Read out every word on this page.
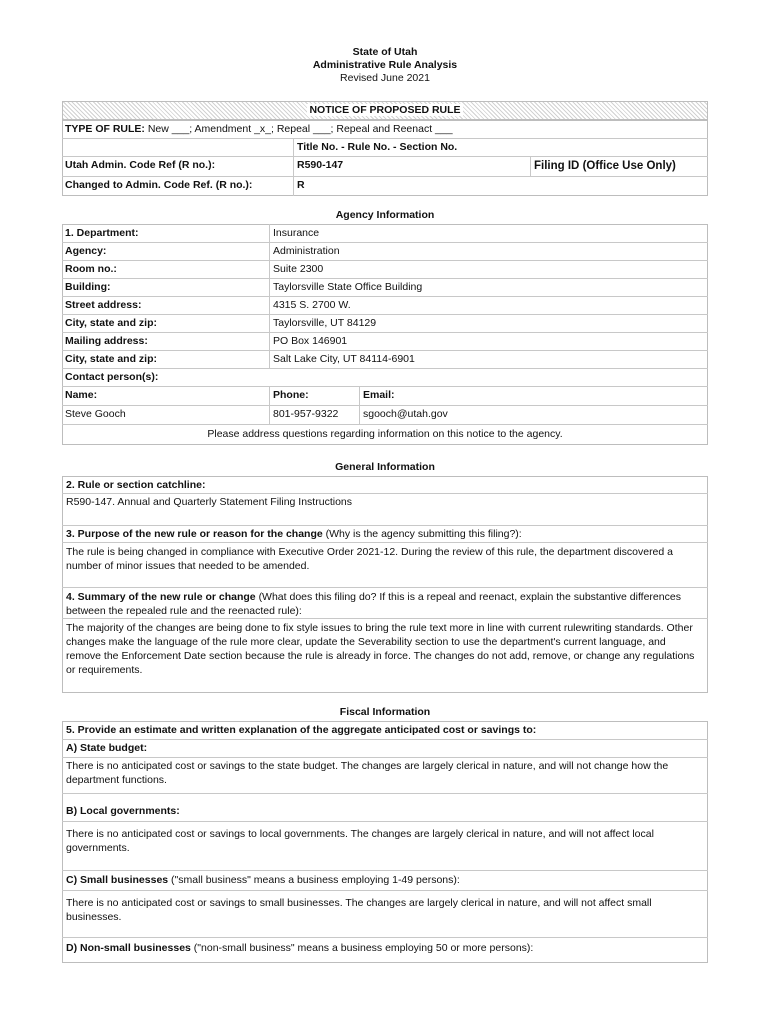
State of Utah
Administrative Rule Analysis
Revised June 2021
NOTICE OF PROPOSED RULE
TYPE OF RULE: New ___; Amendment _x_; Repeal ___; Repeal and Reenact ___
Title No. - Rule No. - Section No.
Utah Admin. Code Ref (R no.):	R590-147	Filing ID (Office Use Only)
Changed to Admin. Code Ref. (R no.):	R
Agency Information
1. Department:	Insurance
Agency:	Administration
Room no.:	Suite 2300
Building:	Taylorsville State Office Building
Street address:	4315 S. 2700 W.
City, state and zip:	Taylorsville, UT 84129
Mailing address:	PO Box 146901
City, state and zip:	Salt Lake City, UT 84114-6901
Contact person(s):
Name:	Phone:	Email:
Steve Gooch	801-957-9322	sgooch@utah.gov
Please address questions regarding information on this notice to the agency.
General Information
2. Rule or section catchline:
R590-147. Annual and Quarterly Statement Filing Instructions
3. Purpose of the new rule or reason for the change (Why is the agency submitting this filing?):
The rule is being changed in compliance with Executive Order 2021-12. During the review of this rule, the department discovered a number of minor issues that needed to be amended.
4. Summary of the new rule or change (What does this filing do? If this is a repeal and reenact, explain the substantive differences between the repealed rule and the reenacted rule):
The majority of the changes are being done to fix style issues to bring the rule text more in line with current rulewriting standards. Other changes make the language of the rule more clear, update the Severability section to use the department's current language, and remove the Enforcement Date section because the rule is already in force. The changes do not add, remove, or change any regulations or requirements.
Fiscal Information
5. Provide an estimate and written explanation of the aggregate anticipated cost or savings to:
A) State budget:
There is no anticipated cost or savings to the state budget. The changes are largely clerical in nature, and will not change how the department functions.
B) Local governments:
There is no anticipated cost or savings to local governments. The changes are largely clerical in nature, and will not affect local governments.
C) Small businesses ("small business" means a business employing 1-49 persons):
There is no anticipated cost or savings to small businesses. The changes are largely clerical in nature, and will not affect small businesses.
D) Non-small businesses ("non-small business" means a business employing 50 or more persons):
